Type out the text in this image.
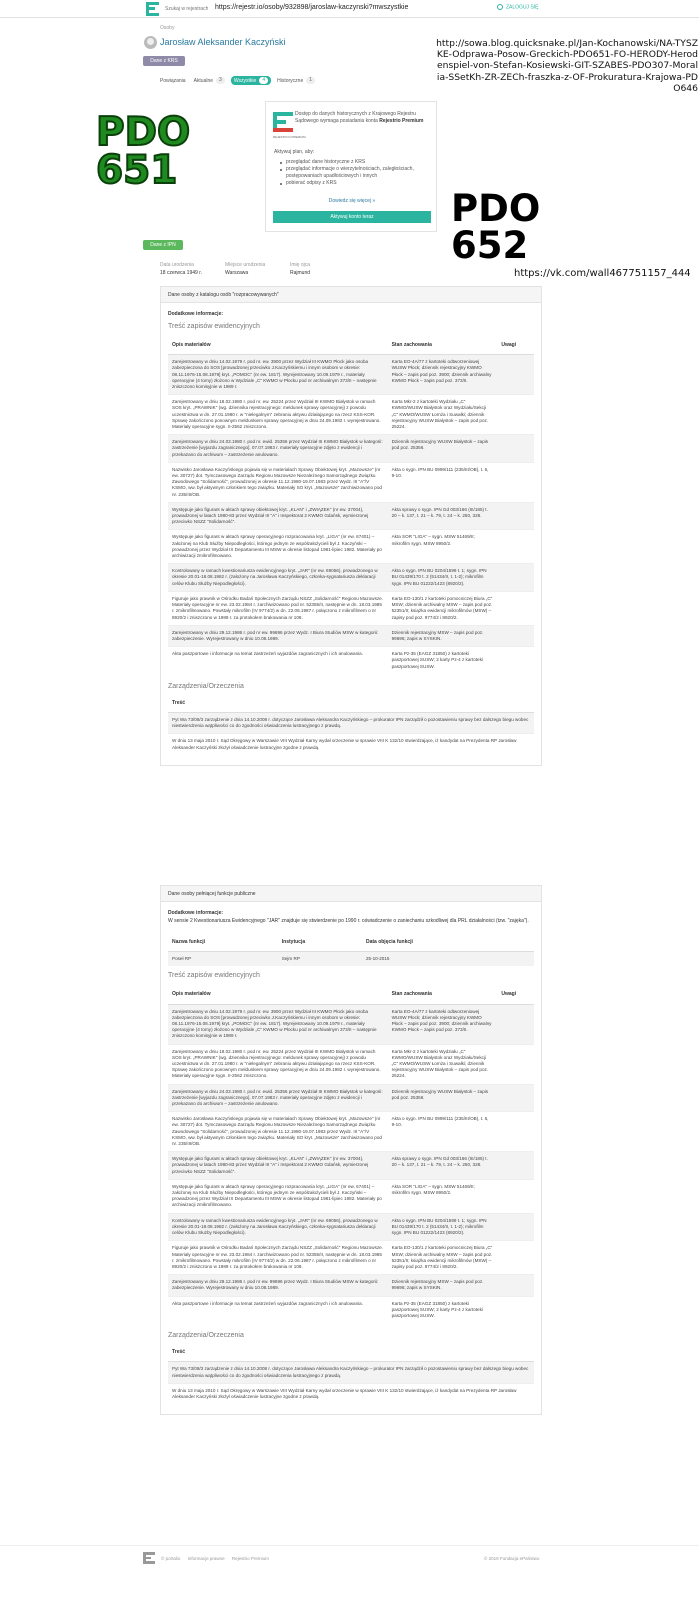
Szukaj w rejestrach...
https://rejestr.io/osoby/932898/jaroslaw-kaczynski?mwszystkie	ZALOGUJ SIĘ
Osoby
Jarosław Aleksander Kaczyński
Dane z KRS
Powiązania Aktualne	3	Wszystkie	4	Historyczne	1
REJESTR.IO PREMIUM
Dostęp do danych historycznych z Krajowego Rejestru Sądowego wymaga posiadania konta Rejestrio Premium
Aktywuj plan, aby:
przeglądać dane historyczne z KRS
przeglądać informacje o wierzytelnościach, zaległościach, postępowaniach upadłościowych i innych
pobierać odpisy z KRS
Dowiedz się więcej »
Aktywuj konto teraz
http://sowa.blog.quicksnake.pl/Jan-Kochanowski/NA-TYSZKE-Odprawa-Posow-Greckich-PDO651-FO-HERODY-Herodenspiel-von-Stefan-Kosiewski-GIT-SZABES-PDO307-Moralia-SSetKh-ZR-ZECh-fraszka-z-OF-Prokuratura-Krajowa-PDO646
PDO
651
PDO
652
https://vk.com/wall467751157_444
Dane z IPN
Data urodzenia
18 czerwca 1949 r.
Miejsce urodzenia
Warszawa
Imię ojca
Rajmund
Dane osoby z katalogu osób "rozpracowywanych"
Dodatkowe informacje:
Treść zapisów ewidencyjnych
Opis materiałów	Stan zachowania	Uwagi
Zarejestrowany w dniu 14.02.1979 r. pod nr. ew. 3900 przez Wydział III KWMO Płock jako osoba zabezpieczona do SOS [prowadzonej przeciwko J.Kaczyńskiemu i innym osobom w okresie: 08.11.1976-15.08.1979] kryt. „POMOC" (nr ew. 1817). Wyrejestrowany 10.09.1979 r., materiały operacyjne (4 tomy) złożono w Wydziale „C" KWMO w Płocku pod nr archiwalnym 373/II – następnie zniszczono komisyjnie w 1989 r.	Karta EO-4A/77 z kartoteki odtworzeniowej WUSW Płock; dziennik rejestracyjny KWMO Płock – zapis pod poz. 3900; dziennik archiwalny KWMO Płock – zapis pod poz. 373/II.	
Zarejestrowany w dniu 18.02.1980 r. pod nr. ew. 25224 przez Wydział III KWMO Białystok w ramach SOS kryt. „PRAWNIK" (wg. dziennika rejestracyjnego: meldunek sprawy operacyjnej) z powodu uczestnictwa w dn. 27.01.1980 r. w "nielegalnym" zebraniu aktywu działającego na rzecz KSS-KOR. Sprawę zakończono ponownym meldunkiem sprawy operacyjnej w dniu 24.09.1982 r. wyrejestrowano. Materiały operacyjne sygn. II-2562 zniszczono.	Karta Mkr-2 z kartoteki Wydziału „C" KWMO/WUSW Białystok oraz Wydziału/Sekcji „C" KWMO/WUSW Łomża i Suwałki; dziennik rejestracyjny WUSW Białystok – zapis pod poz. 25224.	
Zarejestrowany w dniu 24.03.1980 r. pod nr. ewid. 25356 przez Wydział III KWMO Białystok w kategorii: zastrzeżenie [wyjazdu zagranicznego]. 07.07.1983 r. materiały operacyjne zdjęto z ewidencji i przekazano do archiwum – zastrzeżenie anulowano.	Dziennik rejestracyjny WUSW Białystok – zapis pod poz. 25356.	
Nazwisko Jarosława Kaczyńskiego pojawia się w materiałach Sprawy Obiektowej kryt. „Mazowsze" (nr ew. 30727) dot. Tymczasowego Zarządu Regionu Mazowsze Niezależnego Samorządnego Związku Zawodowego "Solidarność", prowadzonej w okresie 11.12.1980-19.07.1983 przez Wydz. III "A"/V KSMO, ww. był aktywnym członkiem tego związku. Materiały SO kryt. „Mazowsze" zarchiwizowano pod nr. 235/III/OB.	Akta o sygn. IPN BU 0999/111 (235/III/OB), t. 6, 9-10.	
Występuje jako figurant w aktach sprawy obiektowej kryt. „KLAN" i „ZWIĄZEK" (nr ew. 37004), prowadzonej w latach 1980-83 przez Wydział III "A" i Inspektorat 2 KWMO Gdańsk, wymierzonej przeciwko NSZZ "Solidarność".	Akta sprawy o sygn. IPN Gd 003/166 (III/185) t. 20 – k. 137, t. 21 – k. 79, t. 24 – k. 250, 328.	
Występuje jako figurant w aktach sprawy operacyjnego rozpracowania kryt. „LIGA" (nr ew. 67401) – założonej na Klub Służby Niepodległości, którego jednym ze współzałożycieli był J. Kaczyński – prowadzonej przez Wydział IX Departamentu III MSW w okresie listopad 1981-lipiec 1982. Materiały po archiwizacji zmikrofilmowano.	Akta SOR "LIGA" – sygn. MSW 51469/II; mikrofilm sygn. MSW 8950/2.	
Kontrolowany w ramach kwestionariusza ewidencyjnego kryt. „JAR" (nr ew. 69056), prowadzonego w okresie 20.01-18.08.1982 r. (założony na Jarosława Kaczyńskiego, członka-sygnatariusza deklaracji celów Klubu Służby Niepodległości).	Akta o sygn. IPN BU 0204/1599 t. 1; sygn. IPN BU 01439/170 t. 2 (51434/II, t. 1-2); mikrofilm sygn. IPN BU 01222/1423 (8920/2).	
Figuruje jako prawnik w Ośrodku Badań Społecznych Zarządu NSZZ „Solidarność" Regionu Mazowsze. Materiały operacyjne nr ew. 23.02.1984 r. zarchiwizowano pod nr. 52355/II, następnie w dn. 18.03.1985 r. zmikrofilmowano. Powstały mikrofilm (IV 9774/2) w dn. 22.06.1987 r. połączono z mikrofilmem o nr 8920/2 i zniszczono w 1989 r. za protokołem brakowania nr 108.	Karta EO-130/1 z kartoteki pomocniczej Biura „C" MSW; dziennik archiwalny MSW – zapis pod poz. 52351/II; książka ewidencji mikrofilmów (MSW) – zapisy pod poz. 9774/2 i 8920/2.	
Zarejestrowany w dniu 29.12.1986 r. pod nr ew. 99696 przez Wydz. I Biura Studiów MSW w kategorii: zabezpieczenie. Wyrejestrowany w dniu 10.08.1989.	Dziennik rejestracyjny MSW – zapis pod poz. 99696; zapis w SYSKIN.	
Akta paszportowe i informacje na temat zastrzeżeń wyjazdów zagranicznych i ich anulowania.	Karta Pz-35 (EAGZ 31850) z kartoteki paszportowej SUSW; 2 karty Pz-4 z kartoteki paszportowej SUSW.	
Zarządzenia/Orzeczenia
Treść
Pyt Wa 73/08/3 zarządzenie z dnia 14.10.2008 r. dotyczące Jarosława Aleksandra Kaczyńskiego – prokurator IPN zarządził o pozostawieniu sprawy bez dalszego biegu wobec niestwierdzenia wątpliwości co do zgodności oświadczenia lustracyjnego z prawdą.
W dniu 13 maja 2010 r. Sąd Okręgowy w Warszawie VIII Wydział Karny wydał orzeczenie w sprawie VIII K 132/10 stwierdzające, iż kandydat na Prezydenta RP Jarosław Aleksander Kaczyński złożył oświadczenie lustracyjne zgodne z prawdą.
Dane osoby pełniącej funkcje publiczne
Dodatkowe informacje:
W sensie 2 Kwestionariusza Ewidencyjnego "JAR" znajduje się stwierdzenie po 1990 r. oświadczenie o zaniechaniu szkodliwej dla PRL działalności (tzw. "zajęka").
Nazwa funkcji	Instytucja	Data objęcia funkcji
Poseł RP	Sejm RP	25-10-2015
Treść zapisów ewidencyjnych
Opis materiałów	Stan zachowania	Uwagi
Zarejestrowany w dniu 14.02.1979 r. pod nr. ew. 3900 przez Wydział III KWMO Płock jako osoba zabezpieczona do SOS [prowadzonej przeciwko J.Kaczyńskiemu i innym osobom w okresie: 08.11.1976-15.08.1979] kryt. „POMOC" (nr ew. 1817). Wyrejestrowany 10.09.1979 r., materiały operacyjne (4 tomy) złożono w Wydziale „C" KWMO w Płocku pod nr archiwalnym 373/II – następnie zniszczono komisyjnie w 1989 r.	Karta EO-4A/77 z kartoteki odtworzeniowej WUSW Płock; dziennik rejestracyjny KWMO Płock – zapis pod poz. 3900; dziennik archiwalny KWMO Płock – zapis pod poz. 373/II.	
Zarejestrowany w dniu 18.02.1980 r. pod nr. ew. 25224 przez Wydział III KWMO Białystok w ramach SOS kryt. „PRAWNIK" (wg. dziennika rejestracyjnego: meldunek sprawy operacyjnej) z powodu uczestnictwa w dn. 27.01.1980 r. w "nielegalnym" zebraniu aktywu działającego na rzecz KSS-KOR. Sprawę zakończono ponownym meldunkiem sprawy operacyjnej w dniu 24.09.1982 r. wyrejestrowano. Materiały operacyjne sygn. II-2562 zniszczono.	Karta Mkr-2 z kartoteki Wydziału „C" KWMO/WUSW Białystok oraz Wydziału/Sekcji „C" KWMO/WUSW Łomża i Suwałki; dziennik rejestracyjny WUSW Białystok – zapis pod poz. 25224.	
Zarejestrowany w dniu 24.03.1980 r. pod nr. ewid. 25356 przez Wydział III KWMO Białystok w kategorii: zastrzeżenie [wyjazdu zagranicznego]. 07.07.1983 r. materiały operacyjne zdjęto z ewidencji i przekazano do archiwum – zastrzeżenie anulowano.	Dziennik rejestracyjny WUSW Białystok – zapis pod poz. 25356.	
Nazwisko Jarosława Kaczyńskiego pojawia się w materiałach Sprawy Obiektowej kryt. „Mazowsze" (nr ew. 30727) dot. Tymczasowego Zarządu Regionu Mazowsze Niezależnego Samorządnego Związku Zawodowego "Solidarność", prowadzonej w okresie 11.12.1980-19.07.1983 przez Wydz. III "A"/V KSMO, ww. był aktywnym członkiem tego związku. Materiały SO kryt. „Mazowsze" zarchiwizowano pod nr. 235/III/OB.	Akta o sygn. IPN BU 0999/111 (235/III/OB), t. 6, 9-10.	
Występuje jako figurant w aktach sprawy obiektowej kryt. „KLAN" i „ZWIĄZEK" (nr ew. 37004), prowadzonej w latach 1980-83 przez Wydział III "A" i Inspektorat 2 KWMO Gdańsk, wymierzonej przeciwko NSZZ "Solidarność".	Akta sprawy o sygn. IPN Gd 003/166 (III/185) t. 20 – k. 137, t. 21 – k. 79, t. 24 – k. 250, 328.	
Występuje jako figurant w aktach sprawy operacyjnego rozpracowania kryt. „LIGA" (nr ew. 67401) – założonej na Klub Służby Niepodległości, którego jednym ze współzałożycieli był J. Kaczyński – prowadzonej przez Wydział IX Departamentu III MSW w okresie listopad 1981-lipiec 1982. Materiały po archiwizacji zmikrofilmowano.	Akta SOR "LIGA" – sygn. MSW 51469/II; mikrofilm sygn. MSW 8950/2.	
Kontrolowany w ramach kwestionariusza ewidencyjnego kryt. „JAR" (nr ew. 69056), prowadzonego w okresie 20.01-18.08.1982 r. (założony na Jarosława Kaczyńskiego, członka-sygnatariusza deklaracji celów Klubu Służby Niepodległości).	Akta o sygn. IPN BU 0204/1599 t. 1; sygn. IPN BU 01439/170 t. 2 (51434/II, t. 1-2); mikrofilm sygn. IPN BU 01222/1423 (8920/2).	
Figuruje jako prawnik w Ośrodku Badań Społecznych Zarządu NSZZ „Solidarność" Regionu Mazowsze. Materiały operacyjne nr ew. 23.02.1984 r. zarchiwizowano pod nr. 52355/II, następnie w dn. 18.03.1985 r. zmikrofilmowano. Powstały mikrofilm (IV 9774/2) w dn. 22.06.1987 r. połączono z mikrofilmem o nr 8920/2 i zniszczono w 1989 r. za protokołem brakowania nr 108.	Karta EO-130/1 z kartoteki pomocniczej Biura „C" MSW; dziennik archiwalny MSW – zapis pod poz. 52351/II; książka ewidencji mikrofilmów (MSW) – zapisy pod poz. 9774/2 i 8920/2.	
Zarejestrowany w dniu 29.12.1986 r. pod nr ew. 99696 przez Wydz. I Biura Studiów MSW w kategorii: zabezpieczenie. Wyrejestrowany w dniu 10.08.1989.	Dziennik rejestracyjny MSW – zapis pod poz. 99696; zapis w SYSKIN.	
Akta paszportowe i informacje na temat zastrzeżeń wyjazdów zagranicznych i ich anulowania.	Karta Pz-35 (EAGZ 31850) z kartoteki paszportowej SUSW; 2 karty Pz-4 z kartoteki paszportowej SUSW.	
Zarządzenia/Orzeczenia
Treść
Pyt Wa 73/08/3 zarządzenie z dnia 14.10.2008 r. dotyczące Jarosława Aleksandra Kaczyńskiego – prokurator IPN zarządził o pozostawieniu sprawy bez dalszego biegu wobec niestwierdzenia wątpliwości co do zgodności oświadczenia lustracyjnego z prawdą.
W dniu 13 maja 2010 r. Sąd Okręgowy w Warszawie VIII Wydział Karny wydał orzeczenie w sprawie VIII K 132/10 stwierdzające, iż kandydat na Prezydenta RP Jarosław Aleksander Kaczyński złożył oświadczenie lustracyjne zgodne z prawdą.
© portalio Informacje prawne Rejestrio Premium	© 2019 Fundacja ePaństwo
